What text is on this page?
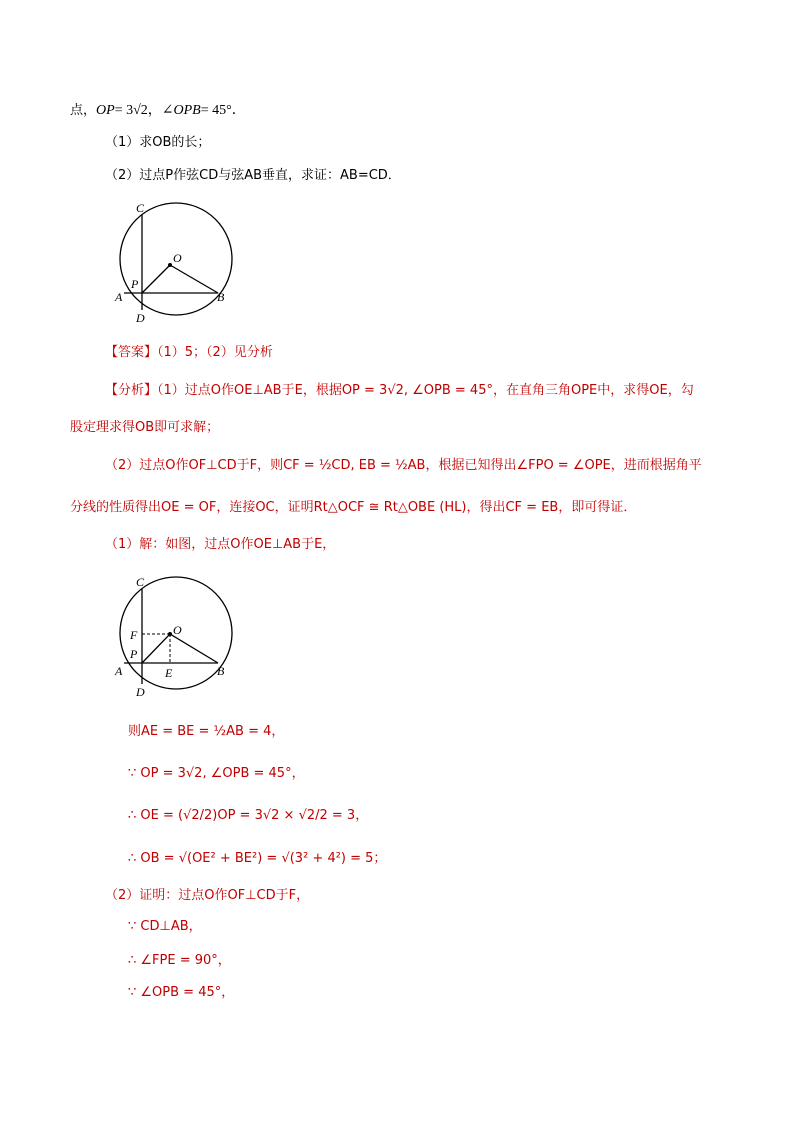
点，OP= 3√2，∠OPB= 45°．
（1）求OB的长；
（2）过点P作弦CD与弦AB垂直，求证：AB=CD．
C
O
P
A	B
D
【答案】（1）5；（2）见分析
【分析】（1）过点O作OE⊥AB于E，根据OP = 3√2, ∠OPB = 45°，在直角三角OPE中，求得OE，勾
股定理求得OB即可求解；
（2）过点O作OF⊥CD于F，则CF = ½CD, EB = ½AB，根据已知得出∠FPO = ∠OPE，进而根据角平
分线的性质得出OE = OF，连接OC，证明Rt△OCF ≅ Rt△OBE (HL)，得出CF = EB，即可得证．
（1）解：如图，过点O作OE⊥AB于E，
C
F	O
P
A	E	B
D
则AE = BE = ½AB = 4，
∵ OP = 3√2, ∠OPB = 45°，
∴ OE = (√2/2)OP = 3√2 × √2/2 = 3，
∴ OB = √(OE² + BE²) = √(3² + 4²) = 5；
（2）证明：过点O作OF⊥CD于F，
∵ CD⊥AB，
∴ ∠FPE = 90°，
∵ ∠OPB = 45°，
